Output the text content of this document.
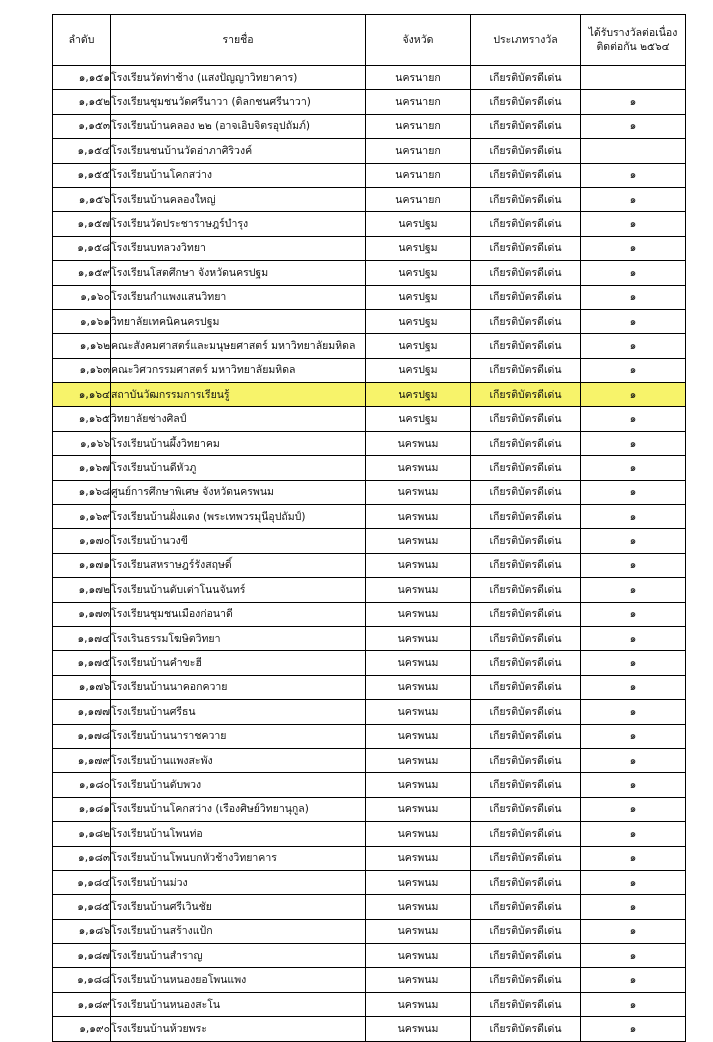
ลำดับ	รายชื่อ	จังหวัด	ประเภทรางวัล	ได้รับรางวัลต่อเนื่อง
ติดต่อกัน ๒๕๖๔

๑,๑๕๑	โรงเรียนวัดท่าช้าง (แสงปัญญาวิทยาคาร)	นครนายก	เกียรติบัตรดีเด่น	
๑,๑๕๒	โรงเรียนชุมชนวัดศรีนาวา (ดิลกชนศรีนาวา)	นครนายก	เกียรติบัตรดีเด่น	๑
๑,๑๕๓	โรงเรียนบ้านคลอง ๒๒ (อาจเอิบจิตรอุปถัมภ์)	นครนายก	เกียรติบัตรดีเด่น	๑
๑,๑๕๔	โรงเรียนชนบ้านวัดอ่าภาศิริวงค์	นครนายก	เกียรติบัตรดีเด่น	
๑,๑๕๕	โรงเรียนบ้านโคกสว่าง	นครนายก	เกียรติบัตรดีเด่น	๑
๑,๑๕๖	โรงเรียนบ้านคลองใหญ่	นครนายก	เกียรติบัตรดีเด่น	๑
๑,๑๕๗	โรงเรียนวัดประชาราษฎร์บำรุง	นครปฐม	เกียรติบัตรดีเด่น	๑
๑,๑๕๘	โรงเรียนบทลวงวิทยา	นครปฐม	เกียรติบัตรดีเด่น	๑
๑,๑๕๙	โรงเรียนโสตศึกษา จังหวัดนครปฐม	นครปฐม	เกียรติบัตรดีเด่น	๑
๑,๑๖๐	โรงเรียนกำแพงแสนวิทยา	นครปฐม	เกียรติบัตรดีเด่น	๑
๑,๑๖๑	วิทยาลัยเทคนิคนครปฐม	นครปฐม	เกียรติบัตรดีเด่น	๑
๑,๑๖๒	คณะสังคมศาสตร์และมนุษยศาสตร์ มหาวิทยาลัยมหิดล	นครปฐม	เกียรติบัตรดีเด่น	๑
๑,๑๖๓	คณะวิศวกรรมศาสตร์ มหาวิทยาลัยมหิดล	นครปฐม	เกียรติบัตรดีเด่น	๑
๑,๑๖๔	สถาบันวัฒกรรมการเรียนรู้	นครปฐม	เกียรติบัตรดีเด่น	๑
๑,๑๖๕	วิทยาลัยซ่างศิลป์	นครปฐม	เกียรติบัตรดีเด่น	๑
๑,๑๖๖	โรงเรียนบ้านผึ้งวิทยาคม	นครพนม	เกียรติบัตรดีเด่น	๑
๑,๑๖๗	โรงเรียนบ้านดีหัวภู	นครพนม	เกียรติบัตรดีเด่น	๑
๑,๑๖๘	ศูนย์การศึกษาพิเศษ จังหวัดนครพนม	นครพนม	เกียรติบัตรดีเด่น	๑
๑,๑๖๙	โรงเรียนบ้านฝั่งแดง (พระเทพวรมุนีอุปถัมป์)	นครพนม	เกียรติบัตรดีเด่น	๑
๑,๑๗๐	โรงเรียนบ้านวงขี	นครพนม	เกียรติบัตรดีเด่น	๑
๑,๑๗๑	โรงเรียนสหราษฎร์รังสฤษดิ์	นครพนม	เกียรติบัตรดีเด่น	๑
๑,๑๗๒	โรงเรียนบ้านดับเต่าโนนจันทร์	นครพนม	เกียรติบัตรดีเด่น	๑
๑,๑๗๓	โรงเรียนชุมชนเมืองก่อนาดี	นครพนม	เกียรติบัตรดีเด่น	๑
๑,๑๗๔	โรงเรินธรรมโฆษิตวิทยา	นครพนม	เกียรติบัตรดีเด่น	๑
๑,๑๗๕	โรงเรียนบ้านคำขะฮี	นครพนม	เกียรติบัตรดีเด่น	๑
๑,๑๗๖	โรงเรียนบ้านนาคอกควาย	นครพนม	เกียรติบัตรดีเด่น	๑
๑,๑๗๗	โรงเรียนบ้านศรีธน	นครพนม	เกียรติบัตรดีเด่น	๑
๑,๑๗๘	โรงเรียนบ้านนาราชควาย	นครพนม	เกียรติบัตรดีเด่น	๑
๑,๑๗๙	โรงเรียนบ้านแพงสะพัง	นครพนม	เกียรติบัตรดีเด่น	๑
๑,๑๘๐	โรงเรียนบ้านดับพวง	นครพนม	เกียรติบัตรดีเด่น	๑
๑,๑๘๑	โรงเรียนบ้านโคกสว่าง (เรืองศิษย์วิทยานุกูล)	นครพนม	เกียรติบัตรดีเด่น	๑
๑,๑๘๒	โรงเรียนบ้านโพนท่อ	นครพนม	เกียรติบัตรดีเด่น	๑
๑,๑๘๓	โรงเรียนบ้านโพนบกหัวช้างวิทยาคาร	นครพนม	เกียรติบัตรดีเด่น	๑
๑,๑๘๔	โรงเรียนบ้านม่วง	นครพนม	เกียรติบัตรดีเด่น	๑
๑,๑๘๕	โรงเรียนบ้านศรีเวินชัย	นครพนม	เกียรติบัตรดีเด่น	๑
๑,๑๘๖	โรงเรียนบ้านสร้างแป้ก	นครพนม	เกียรติบัตรดีเด่น	๑
๑,๑๘๗	โรงเรียนบ้านสำราญ	นครพนม	เกียรติบัตรดีเด่น	๑
๑,๑๘๘	โรงเรียนบ้านหนองยอโพนแพง	นครพนม	เกียรติบัตรดีเด่น	๑
๑,๑๘๙	โรงเรียนบ้านหนองสะโน	นครพนม	เกียรติบัตรดีเด่น	๑
๑,๑๙๐	โรงเรียนบ้านห้วยพระ	นครพนม	เกียรติบัตรดีเด่น	๑
